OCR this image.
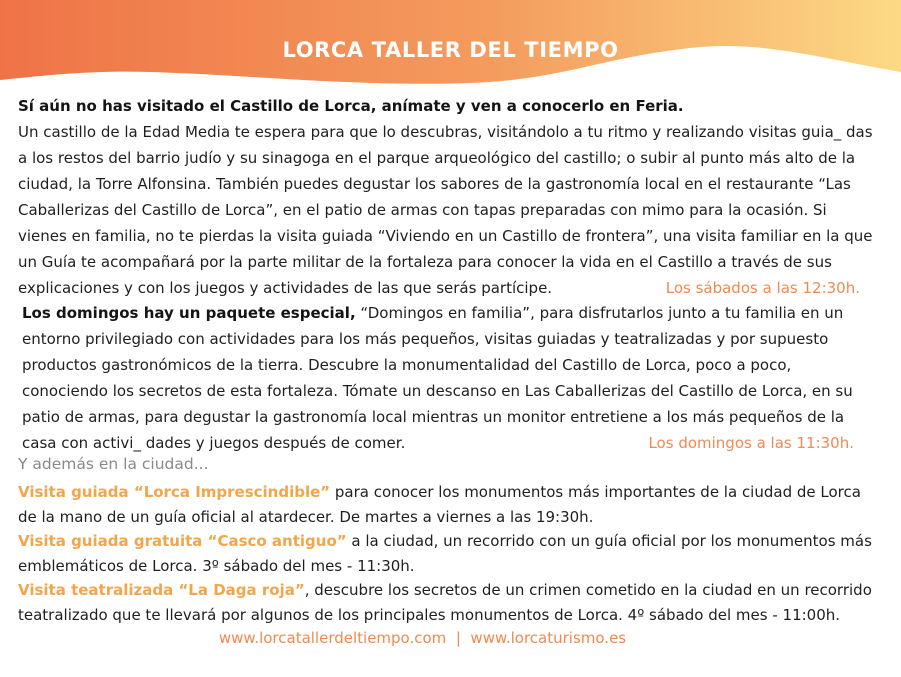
LORCA TALLER DEL TIEMPO

Sí aún no has visitado el Castillo de Lorca, anímate y ven a conocerlo en Feria.

Un castillo de la Edad Media te espera para que lo descubras, visitándolo a tu ritmo y realizando visitas guia_ das a los restos del barrio judío y su sinagoga en el parque arqueológico del castillo; o subir al punto más alto de la ciudad, la Torre Alfonsina. También puedes degustar los sabores de la gastronomía local en el restaurante “Las Caballerizas del Castillo de Lorca”, en el patio de armas con tapas preparadas con mimo para la ocasión. Si vienes en familia, no te pierdas la visita guiada “Viviendo en un Castillo de frontera”, una visita familiar en la que un Guía te acompañará por la parte militar de la fortaleza para conocer la vida en el Castillo a través de sus explicaciones y con los juegos y actividades de las que serás partícipe.	Los sábados a las 12:30h.

Los domingos hay un paquete especial, “Domingos en familia”, para disfrutarlos junto a tu familia en un entorno privilegiado con actividades para los más pequeños, visitas guiadas y teatralizadas y por supuesto productos gastronómicos de la tierra. Descubre la monumentalidad del Castillo de Lorca, poco a poco, conociendo los secretos de esta fortaleza. Tómate un descanso en Las Caballerizas del Castillo de Lorca, en su patio de armas, para degustar la gastronomía local mientras un monitor entretiene a los más pequeños de la casa con activi_ dades y juegos después de comer.	Los domingos a las 11:30h.

Y además en la ciudad...

Visita guiada “Lorca Imprescindible” para conocer los monumentos más importantes de la ciudad de Lorca de la mano de un guía oficial al atardecer. De martes a viernes a las 19:30h.

Visita guiada gratuita “Casco antiguo” a la ciudad, un recorrido con un guía oficial por los monumentos más emblemáticos de Lorca. 3º sábado del mes - 11:30h.

Visita teatralizada “La Daga roja”, descubre los secretos de un crimen cometido en la ciudad en un recorrido teatralizado que te llevará por algunos de los principales monumentos de Lorca. 4º sábado del mes - 11:00h.

www.lorcatallerdeltiempo.com  |  www.lorcaturismo.es
